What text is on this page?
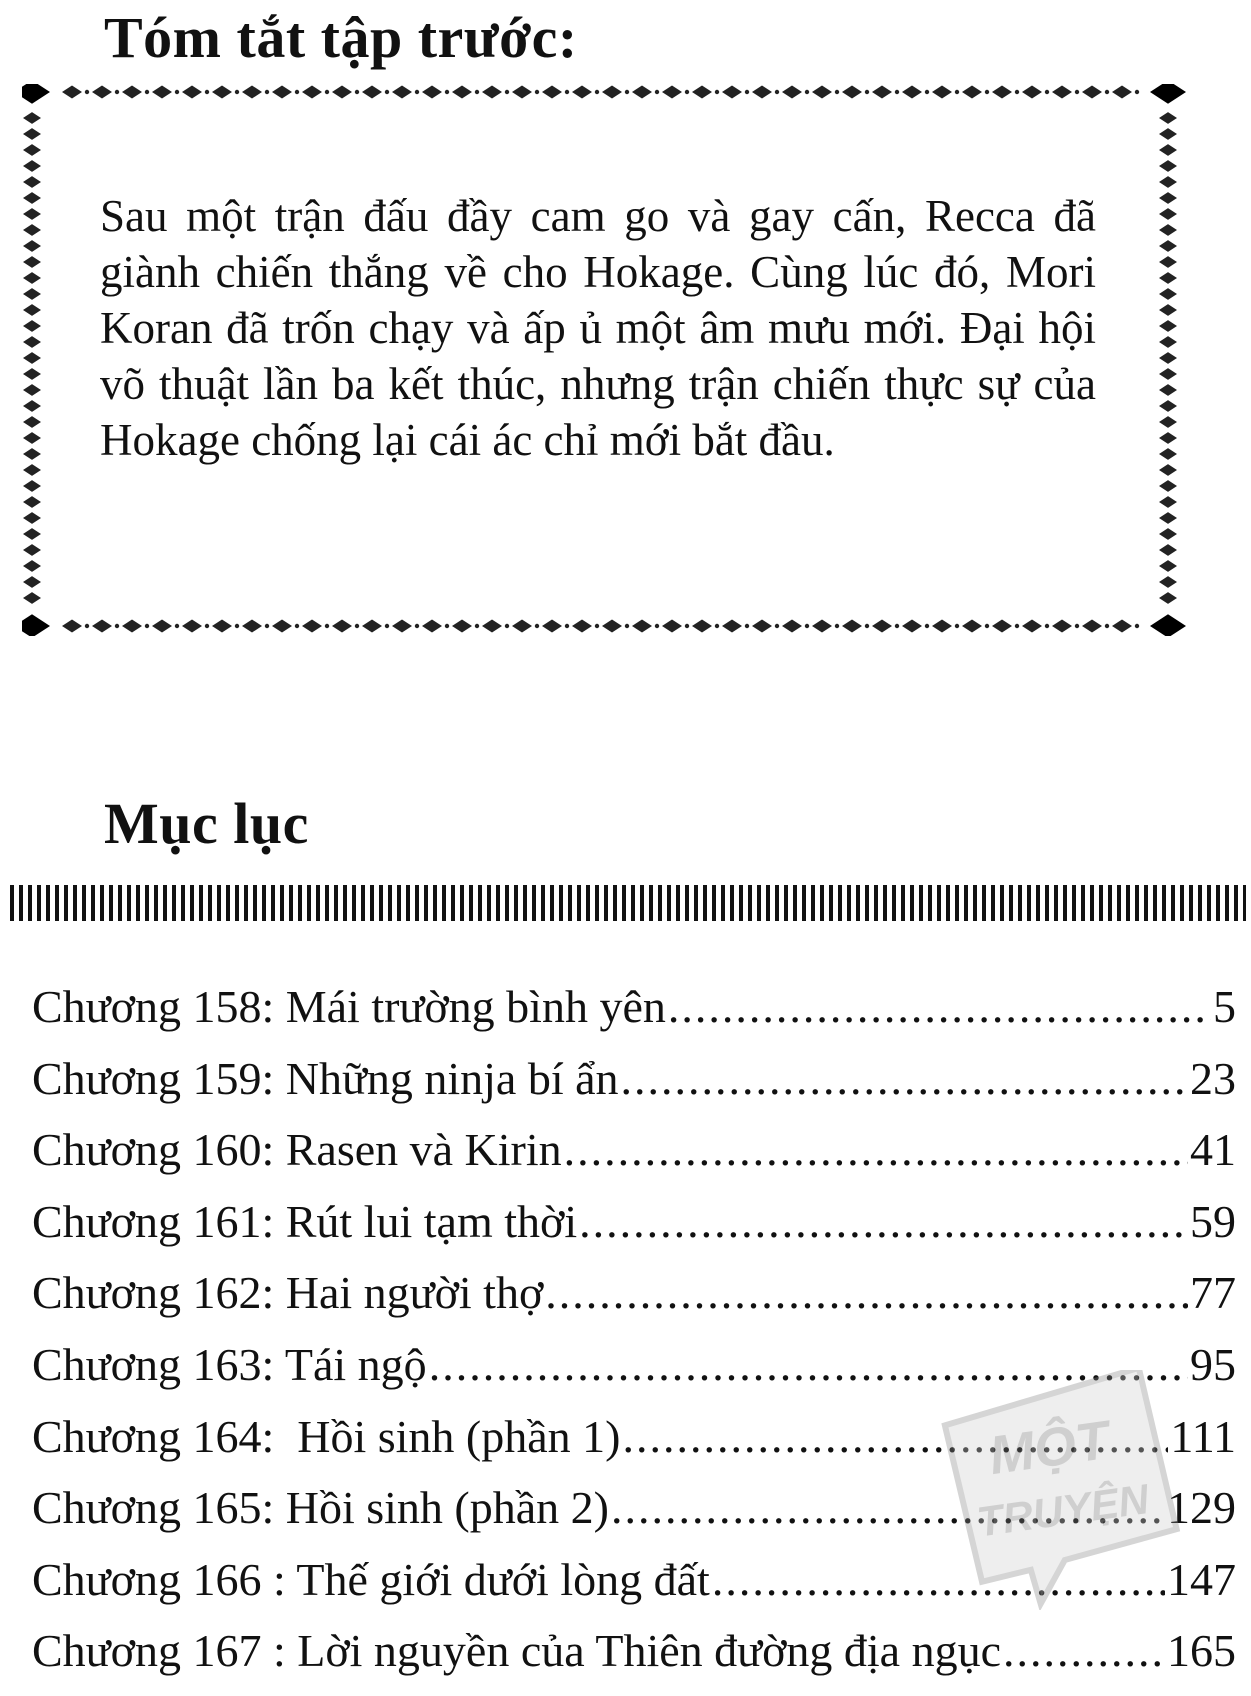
Tóm tắt tập trước:
Sau một trận đấu đầy cam go và gay cấn, Recca đã giành chiến thắng về cho Hokage. Cùng lúc đó, Mori Koran đã trốn chạy và ấp ủ một âm mưu mới. Đại hội võ thuật lần ba kết thúc, nhưng trận chiến thực sự của Hokage chống lại cái ác chỉ mới bắt đầu.
Mục lục
Chương 158: Mái trường bình yên .....	5
Chương 159: Những ninja bí ẩn .....	23
Chương 160: Rasen và Kirin .....	41
Chương 161: Rút lui tạm thời .....	59
Chương 162: Hai người thợ .....	77
Chương 163: Tái ngộ .....	95
Chương 164:  Hồi sinh (phần 1) .....	111
Chương 165: Hồi sinh (phần 2) .....	129
Chương 166 : Thế giới dưới lòng đất .....	147
Chương 167 : Lời nguyền của Thiên đường địa ngục .....	165
MỘT
TRUYỆN
